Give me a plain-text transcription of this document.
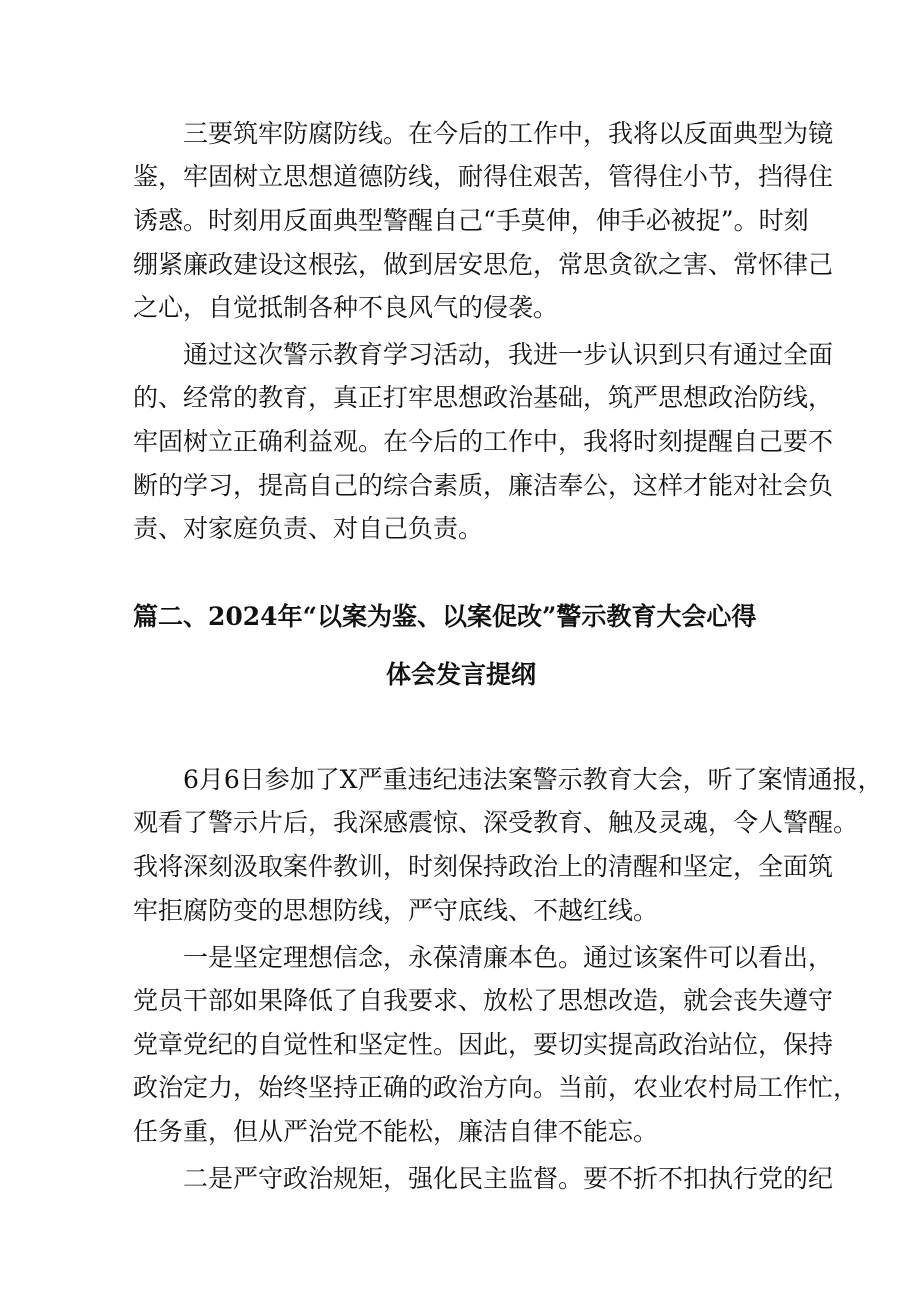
三要筑牢防腐防线。在今后的工作中，我将以反面典型为镜
鉴，牢固树立思想道德防线，耐得住艰苦，管得住小节，挡得住
诱惑。时刻用反面典型警醒自己“手莫伸，伸手必被捉”。时刻
绷紧廉政建设这根弦，做到居安思危，常思贪欲之害、常怀律己
之心，自觉抵制各种不良风气的侵袭。
通过这次警示教育学习活动，我进一步认识到只有通过全面
的、经常的教育，真正打牢思想政治基础，筑严思想政治防线，
牢固树立正确利益观。在今后的工作中，我将时刻提醒自己要不
断的学习，提高自己的综合素质，廉洁奉公，这样才能对社会负
责、对家庭负责、对自己负责。
篇二、2024年“以案为鉴、以案促改”警示教育大会心得
体会发言提纲
6月6日参加了X严重违纪违法案警示教育大会，听了案情通报，
观看了警示片后，我深感震惊、深受教育、触及灵魂，令人警醒。
我将深刻汲取案件教训，时刻保持政治上的清醒和坚定，全面筑
牢拒腐防变的思想防线，严守底线、不越红线。
一是坚定理想信念，永葆清廉本色。通过该案件可以看出，
党员干部如果降低了自我要求、放松了思想改造，就会丧失遵守
党章党纪的自觉性和坚定性。因此，要切实提高政治站位，保持
政治定力，始终坚持正确的政治方向。当前，农业农村局工作忙，
任务重，但从严治党不能松，廉洁自律不能忘。
二是严守政治规矩，强化民主监督。要不折不扣执行党的纪
